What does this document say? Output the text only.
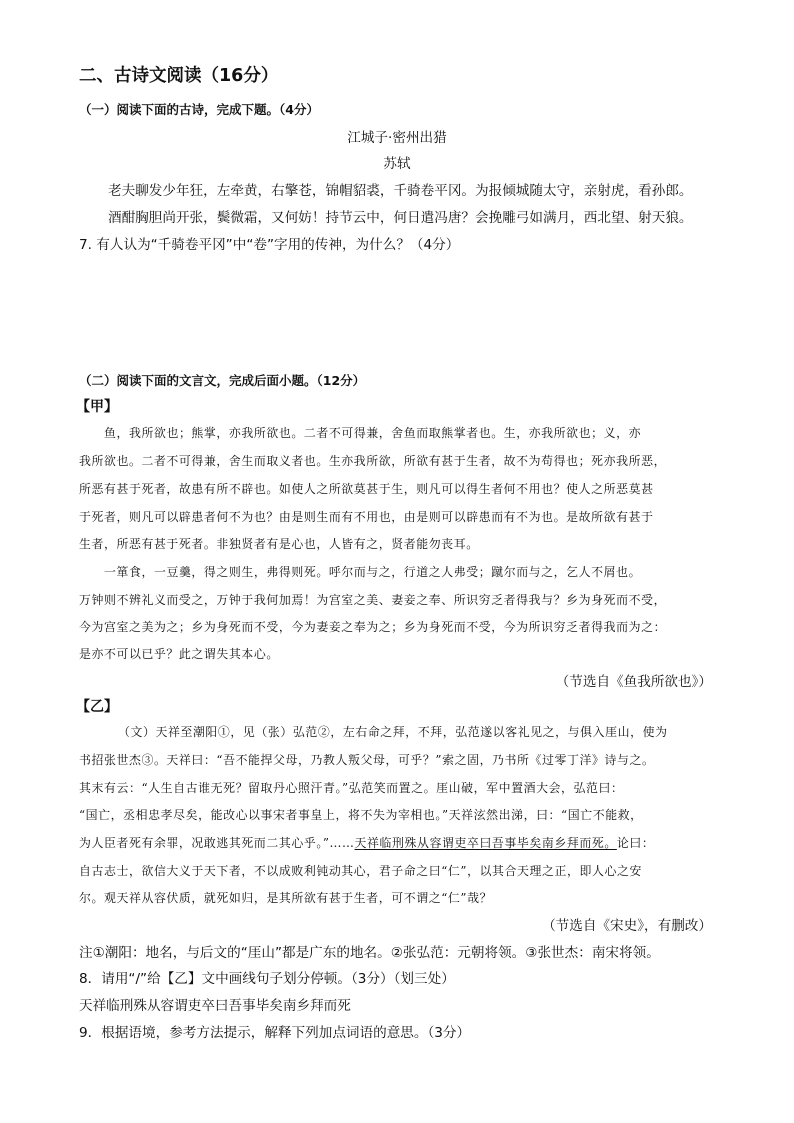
二、古诗文阅读（16分）
（一）阅读下面的古诗，完成下题。（4分）
江城子·密州出猎
苏轼
老夫聊发少年狂，左牵黄，右擎苍，锦帽貂裘，千骑卷平冈。为报倾城随太守，亲射虎，看孙郎。
酒酣胸胆尚开张，鬓微霜，又何妨！持节云中，何日遣冯唐？会挽雕弓如满月，西北望、射天狼。
7. 有人认为“千骑卷平冈”中“卷”字用的传神，为什么？（4分）
（二）阅读下面的文言文，完成后面小题。（12分）
【甲】
鱼，我所欲也；熊掌，亦我所欲也。二者不可得兼，舍鱼而取熊掌者也。生，亦我所欲也；义，亦
我所欲也。二者不可得兼，舍生而取义者也。生亦我所欲，所欲有甚于生者，故不为苟得也；死亦我所恶，
所恶有甚于死者，故患有所不辟也。如使人之所欲莫甚于生，则凡可以得生者何不用也？使人之所恶莫甚
于死者，则凡可以辟患者何不为也？由是则生而有不用也，由是则可以辟患而有不为也。是故所欲有甚于
生者，所恶有甚于死者。非独贤者有是心也，人皆有之，贤者能勿丧耳。
一箪食，一豆羹，得之则生，弗得则死。呼尔而与之，行道之人弗受；蹴尔而与之，乞人不屑也。
万钟则不辨礼义而受之，万钟于我何加焉！为宫室之美、妻妾之奉、所识穷乏者得我与？乡为身死而不受，
今为宫室之美为之；乡为身死而不受，今为妻妾之奉为之；乡为身死而不受，今为所识穷乏者得我而为之：
是亦不可以已乎？此之谓失其本心。
（节选自《鱼我所欲也》）
【乙】
（文）天祥至潮阳①，见（张）弘范②，左右命之拜，不拜，弘范遂以客礼见之，与俱入厓山，使为
书招张世杰③。天祥曰：“吾不能捍父母，乃教人叛父母，可乎？”索之固，乃书所《过零丁洋》诗与之。
其末有云：“人生自古谁无死？留取丹心照汗青。”弘范笑而置之。厓山破，军中置酒大会，弘范曰：
“国亡，丞相忠孝尽矣，能改心以事宋者事皇上，将不失为宰相也。”天祥泫然出涕，曰：“国亡不能救，
为人臣者死有余罪，况敢逃其死而二其心乎。”……天祥临刑殊从容谓吏卒曰吾事毕矣南乡拜而死。论曰：
自古志士，欲信大义于天下者，不以成败利钝动其心，君子命之曰“仁”，以其合天理之正，即人心之安
尔。观天祥从容伏质，就死如归，是其所欲有甚于生者，可不谓之“仁”哉？
（节选自《宋史》，有删改）
注①潮阳：地名，与后文的“厓山”都是广东的地名。②张弘范：元朝将领。③张世杰：南宋将领。
8．请用“/”给【乙】文中画线句子划分停顿。（3分）（划三处）
天祥临刑殊从容谓吏卒曰吾事毕矣南乡拜而死
9．根据语境，参考方法提示，解释下列加点词语的意思。（3分）
